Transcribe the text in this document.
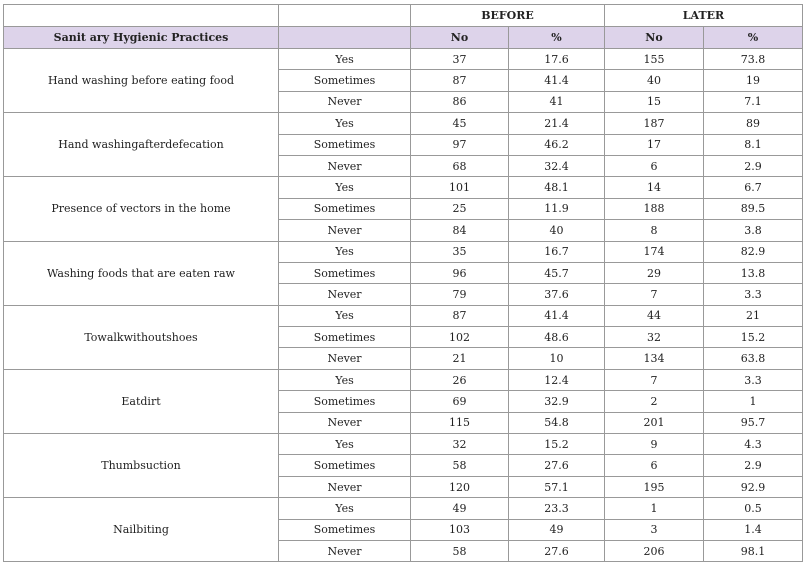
		BEFORE		LATER	
Sanit ary Hygienic Practices		No	%	No	%
Hand washing before eating food	Yes	37	17.6	155	73.8
	Sometimes	87	41.4	40	19
	Never	86	41	15	7.1
Hand washingafterdefecation	Yes	45	21.4	187	89
	Sometimes	97	46.2	17	8.1
	Never	68	32.4	6	2.9
Presence of vectors in the home	Yes	101	48.1	14	6.7
	Sometimes	25	11.9	188	89.5
	Never	84	40	8	3.8
Washing foods that are eaten raw	Yes	35	16.7	174	82.9
	Sometimes	96	45.7	29	13.8
	Never	79	37.6	7	3.3
Towalkwithoutshoes	Yes	87	41.4	44	21
	Sometimes	102	48.6	32	15.2
	Never	21	10	134	63.8
Eatdirt	Yes	26	12.4	7	3.3
	Sometimes	69	32.9	2	1
	Never	115	54.8	201	95.7
Thumbsuction	Yes	32	15.2	9	4.3
	Sometimes	58	27.6	6	2.9
	Never	120	57.1	195	92.9
Nailbiting	Yes	49	23.3	1	0.5
	Sometimes	103	49	3	1.4
	Never	58	27.6	206	98.1
